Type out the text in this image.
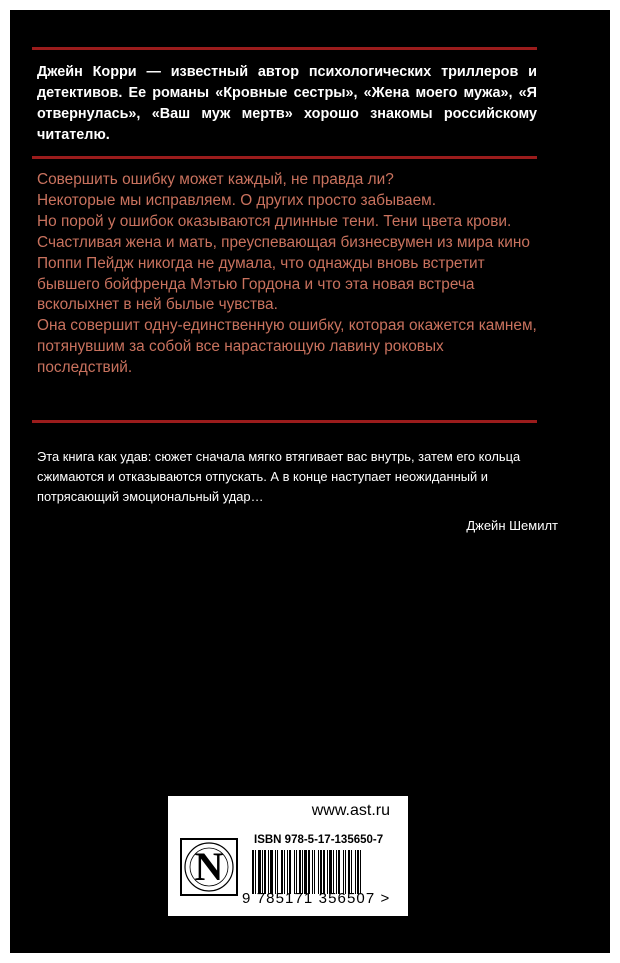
Джейн Корри — известный автор психологических триллеров и детективов. Ее романы «Кровные сестры», «Жена моего мужа», «Я отвернулась», «Ваш муж мертв» хорошо знакомы российскому читателю.

Совершить ошибку может каждый, не правда ли?

Некоторые мы исправляем. О других просто забываем.

Но порой у ошибок оказываются длинные тени. Тени цвета крови.

Счастливая жена и мать, преуспевающая бизнесвумен из мира кино Поппи Пейдж никогда не думала, что однажды вновь встретит бывшего бойфренда Мэтью Гордона и что эта новая встреча всколыхнет в ней былые чувства.

Она совершит одну-единственную ошибку, которая окажется камнем, потянувшим за собой все нарастающую лавину роковых последствий.

Эта книга как удав: сюжет сначала мягко втягивает вас внутрь, затем его кольца сжимаются и отказываются отпускать. А в конце наступает неожиданный и потрясающий эмоциональный удар…
Джейн Шемилт
www.ast.ru
ISBN 978-5-17-135650-7
N
9 785171 356507 >
